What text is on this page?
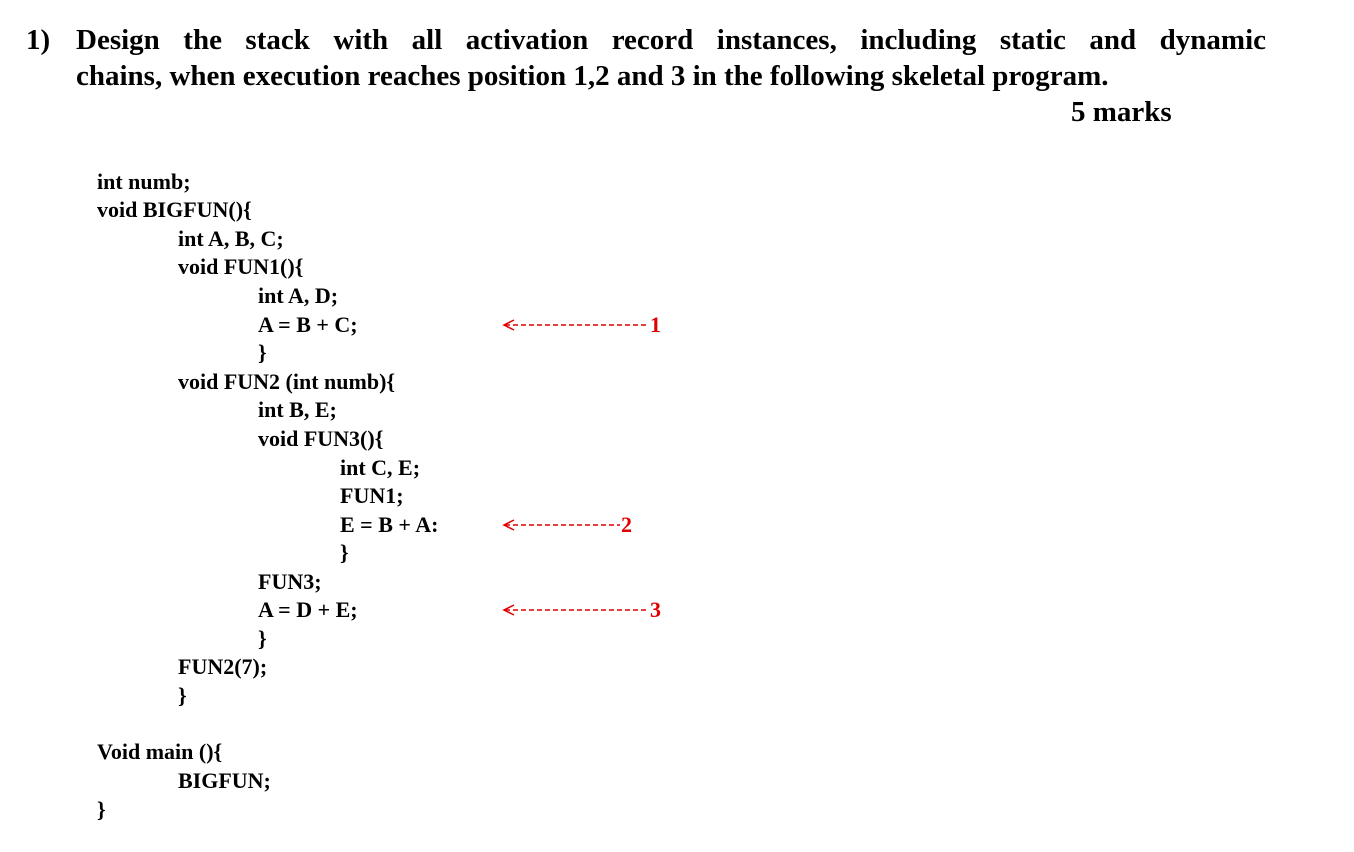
1) Design the stack with all activation record instances, including static and dynamic
chains, when execution reaches position 1,2 and 3 in the following skeletal program.
5 marks
int numb;
void BIGFUN(){
int A, B, C;
void FUN1(){
int A, D;
A = B + C;
}
void FUN2 (int numb){
int B, E;
void FUN3(){
int C, E;
FUN1;
E = B + A:
}
FUN3;
A = D + E;
}
FUN2(7);
}
Void main (){
BIGFUN;
}
1
2
3
